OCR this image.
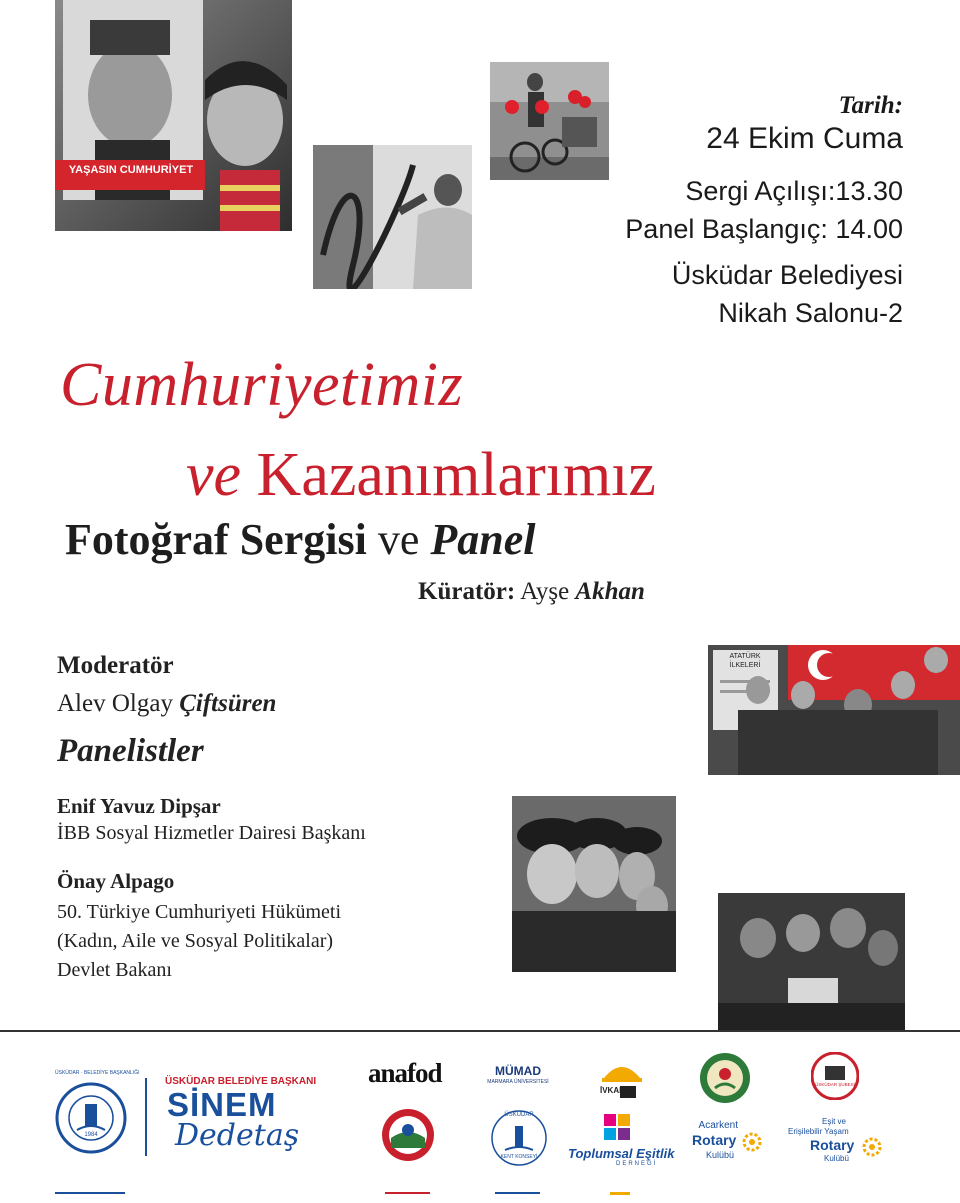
YAŞASIN CUMHURİYET
ATATÜRK
İLKELERİ
Tarih:
24 Ekim Cuma
Sergi Açılışı:13.30
Panel Başlangıç: 14.00
Üsküdar Belediyesi
Nikah Salonu-2
Cumhuriyetimiz
ve Kazanımlarımız
Fotoğraf Sergisi ve Panel
Küratör: Ayşe Akhan
Moderatör
Alev Olgay Çiftsüren
Panelistler
Enif Yavuz Dipşar
İBB Sosyal Hizmetler Dairesi Başkanı
Önay Alpago
50. Türkiye Cumhuriyeti Hükümeti
(Kadın, Aile ve Sosyal Politikalar)
Devlet Bakanı
ÜSKÜDAR · BELEDİYE BAŞKANLIĞI
1984
ÜSKÜDAR BELEDİYE BAŞKANI
SİNEM
Dedetaş
anafod	MÜMAD
MARMARA ÜNİVERSİTESİ
İVKAD
ÜSKÜDAR ŞUBESİ
ÜSKÜDAR
KENT KONSEYİ	Toplumsal Eşitlik
DERNEĞİ
Acarkent
Rotary
Kulübü
Eşit ve
Erişilebilir Yaşam
Rotary
Kulübü
